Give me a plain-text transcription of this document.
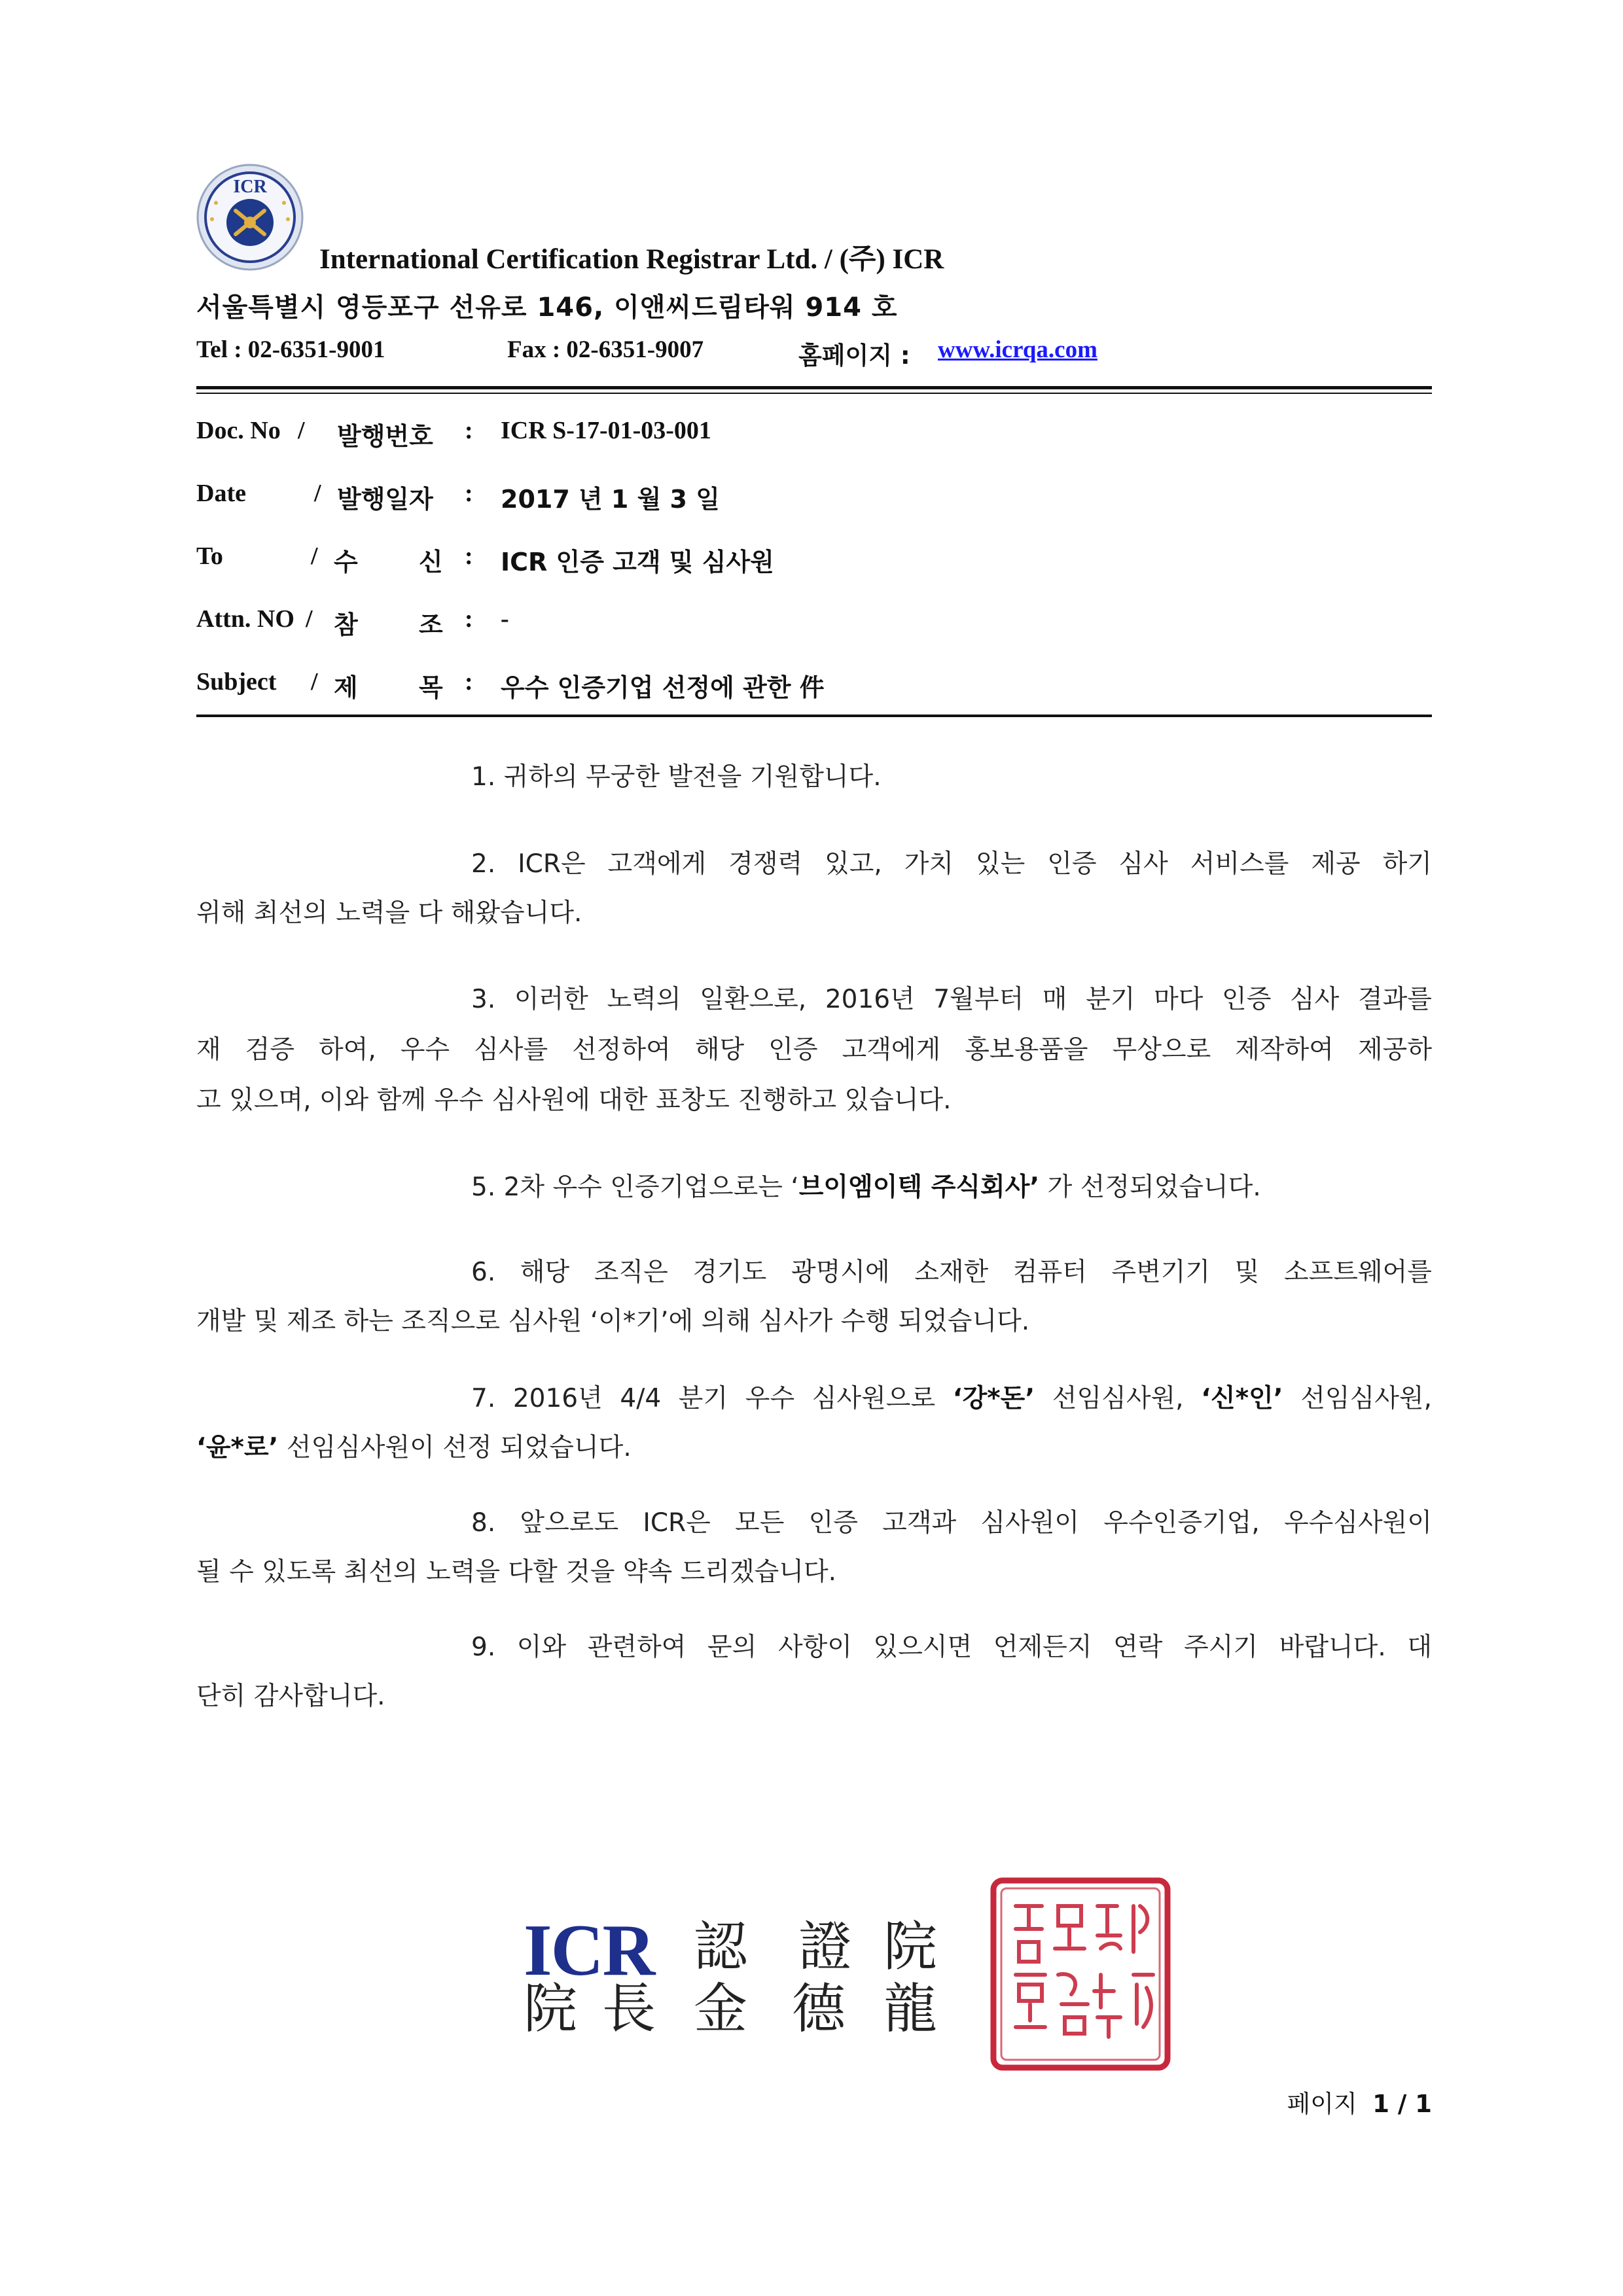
ICR
International Certification Registrar Ltd. / (주) ICR
서울특별시 영등포구 선유로 146, 이앤씨드림타워 914 호
Tel : 02-6351-9001	Fax : 02-6351-9007	홈페이지 : www.icrqa.com
Doc. No / 발행번호 : ICR S-17-01-03-001
Date	/ 발행일자 : 2017 년 1 월 3 일
To	/ 수 신 : ICR 인증 고객 및 심사원
Attn. NO / 참 조 : -
Subject / 제 목 : 우수 인증기업 선정에 관한 件
1. 귀하의 무궁한 발전을 기원합니다.
2. ICR은 고객에게 경쟁력 있고, 가치 있는 인증 심사 서비스를 제공 하기
위해 최선의 노력을 다 해왔습니다.
3. 이러한 노력의 일환으로, 2016년 7월부터 매 분기 마다 인증 심사 결과를
재 검증 하여, 우수 심사를 선정하여 해당 인증 고객에게 홍보용품을 무상으로 제작하여 제공하
고 있으며, 이와 함께 우수 심사원에 대한 표창도 진행하고 있습니다.
5. 2차 우수 인증기업으로는 ‘브이엠이텍 주식회사’ 가 선정되었습니다.
6. 해당 조직은 경기도 광명시에 소재한 컴퓨터 주변기기 및 소프트웨어를
개발 및 제조 하는 조직으로 심사원 ‘이*기’에 의해 심사가 수행 되었습니다.
7. 2016년 4/4 분기 우수 심사원으로 ‘강*돈’ 선임심사원, ‘신*인’ 선임심사원,
‘윤*로’ 선임심사원이 선정 되었습니다.
8. 앞으로도 ICR은 모든 인증 고객과 심사원이 우수인증기업, 우수심사원이
될 수 있도록 최선의 노력을 다할 것을 약속 드리겠습니다.
9. 이와 관련하여 문의 사항이 있으시면 언제든지 연락 주시기 바랍니다. 대
단히 감사합니다.
ICR 認 證 院
院 長 金 德 龍
페이지 1 / 1
